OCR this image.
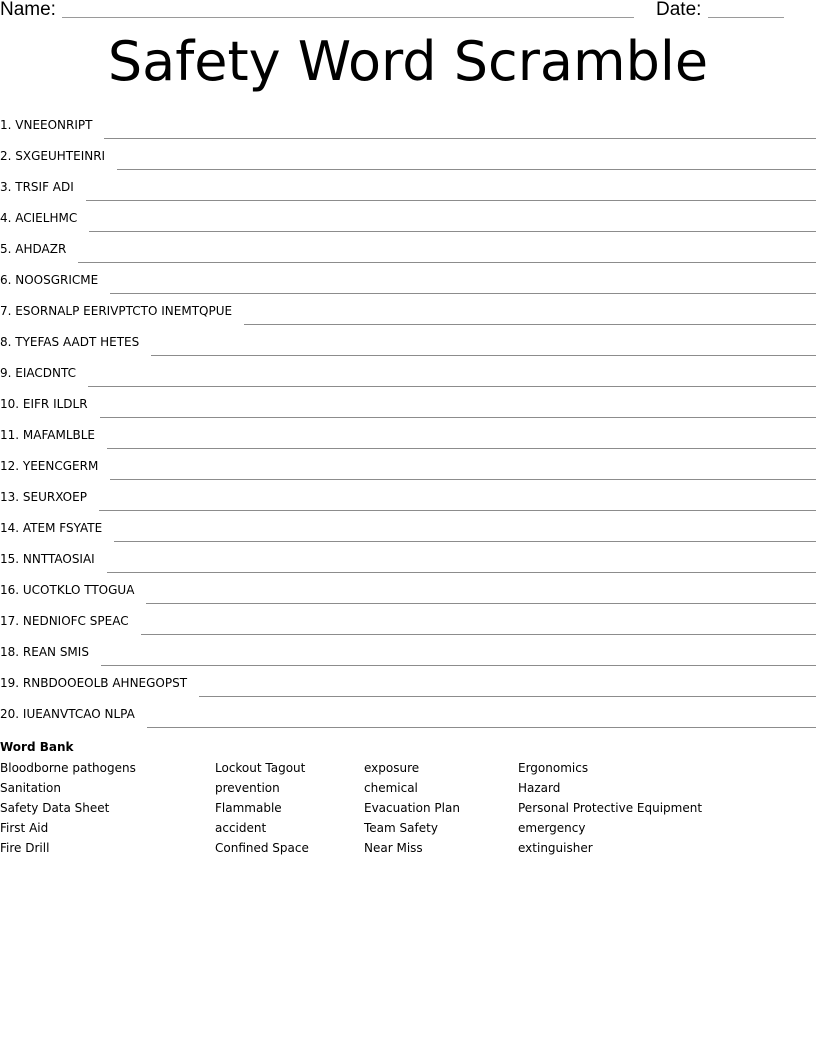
Name:	Date:
Safety Word Scramble
1. VNEEONRIPT
2. SXGEUHTEINRI
3. TRSIF ADI
4. ACIELHMC
5. AHDAZR
6. NOOSGRICME
7. ESORNALP EERIVPTCTO INEMTQPUE
8. TYEFAS AADT HETES
9. EIACDNTC
10. EIFR ILDLR
11. MAFAMLBLE
12. YEENCGERM
13. SEURXOEP
14. ATEM FSYATE
15. NNTTAOSIAI
16. UCOTKLO TTOGUA
17. NEDNIOFC SPEAC
18. REAN SMIS
19. RNBDOOEOLB AHNEGOPST
20. IUEANVTCAO NLPA
Word Bank
Bloodborne pathogens
Sanitation
Safety Data Sheet
First Aid
Fire Drill
Lockout Tagout
prevention
Flammable
accident
Confined Space
exposure
chemical
Evacuation Plan
Team Safety
Near Miss
Ergonomics
Hazard
Personal Protective Equipment
emergency
extinguisher
